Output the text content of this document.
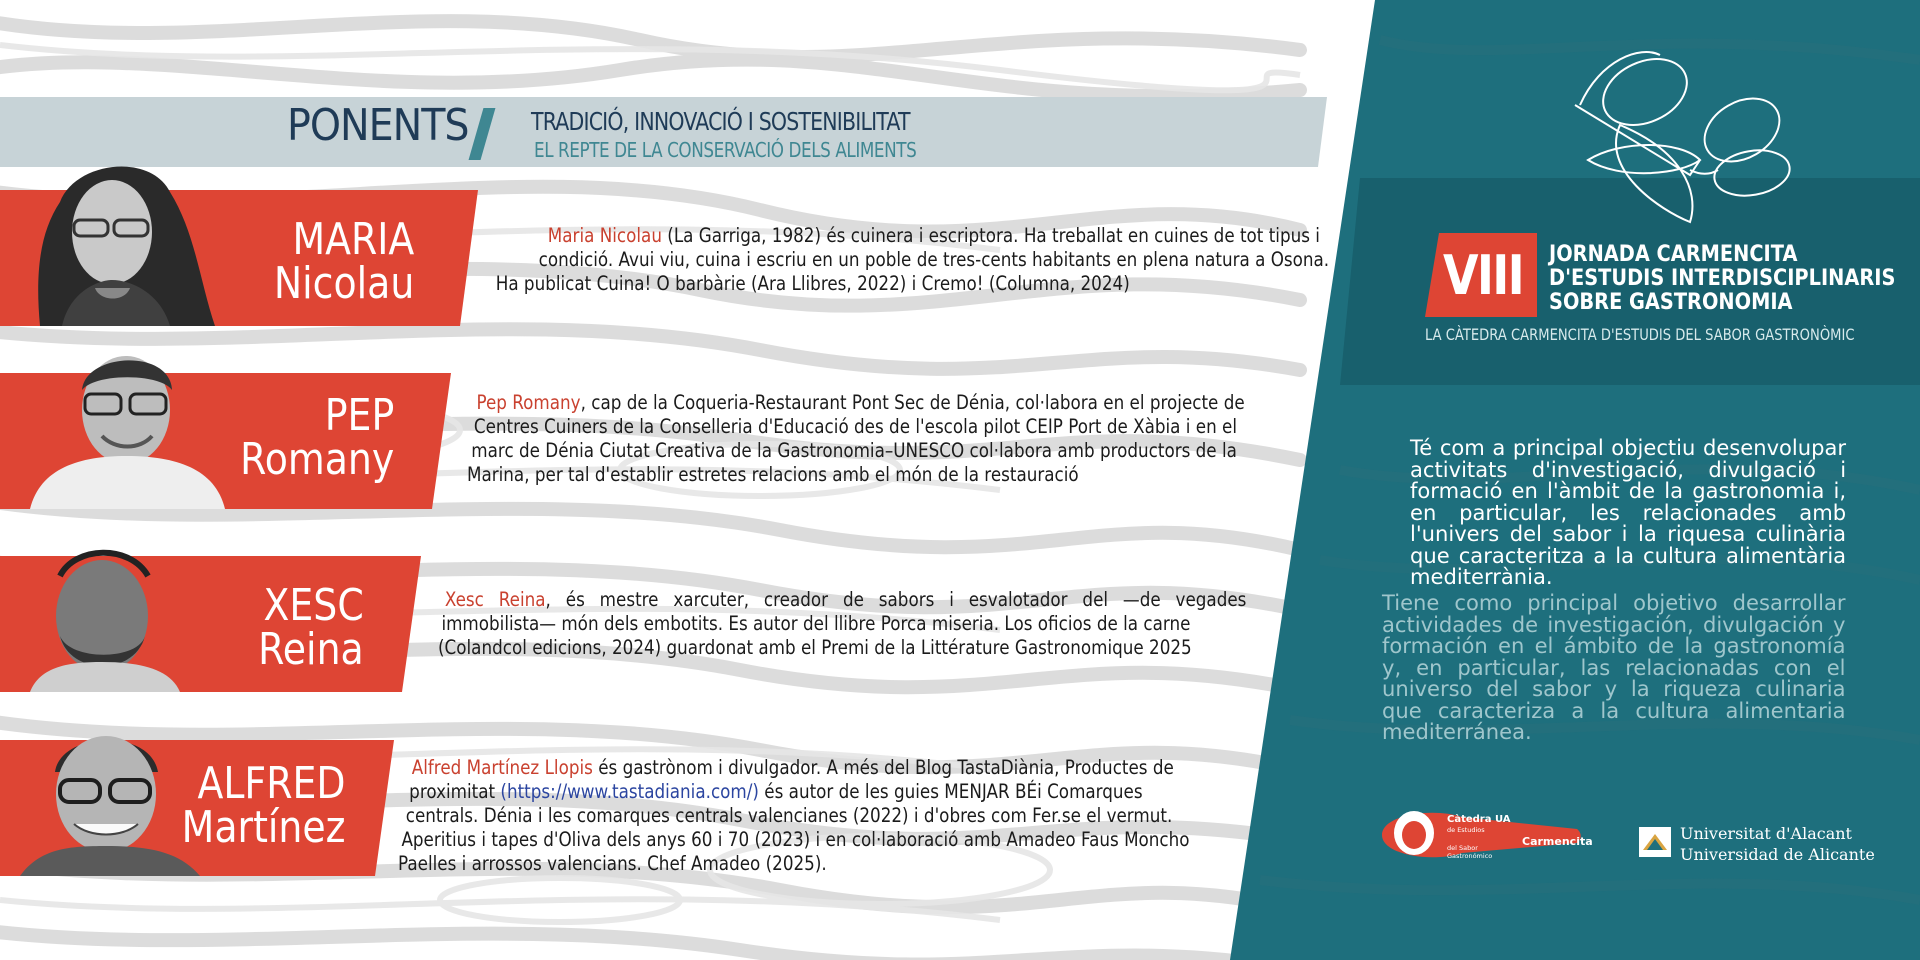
PONENTS TRADICIÓ, INNOVACIÓ I SOSTENIBILITAT
EL REPTE DE LA CONSERVACIÓ DELS ALIMENTS
MARIA
Nicolau
Maria Nicolau (La Garriga, 1982) és cuinera i escriptora. Ha treballat en cuines de tot tipus i
condició. Avui viu, cuina i escriu en un poble de tres-cents habitants en plena natura a Osona.
Ha publicat Cuina! O barbàrie (Ara Llibres, 2022) i Cremo! (Columna, 2024)
PEP
Romany
Pep Romany, cap de la Coqueria-Restaurant Pont Sec de Dénia, col·labora en el projecte de
Centres Cuiners de la Conselleria d'Educació des de l'escola pilot CEIP Port de Xàbia i en el
marc de Dénia Ciutat Creativa de la Gastronomia–UNESCO col·labora amb productors de la
Marina, per tal d'establir estretes relacions amb el món de la restauració
XESC
Reina
Xesc Reina, és mestre xarcuter, creador de sabors i esvalotador del —de vegades
immobilista— món dels embotits. Es autor del llibre Porca miseria. Los oficios de la carne
(Colandcol edicions, 2024) guardonat amb el Premi de la Littérature Gastronomique 2025
ALFRED
Martínez
Alfred Martínez Llopis és gastrònom i divulgador. A més del Blog TastaDiània, Productes de
proximitat (https://www.tastadiania.com/) és autor de les guies MENJAR BÉi Comarques
centrals. Dénia i les comarques centrals valencianes (2022) i d'obres com Fer.se el vermut.
Aperitius i tapes d'Oliva dels anys 60 i 70 (2023) i en col·laboració amb Amadeo Faus Moncho
Paelles i arrossos valencians. Chef Amadeo (2025).
VIII JORNADA CARMENCITA
D'ESTUDIS INTERDISCIPLINARIS
SOBRE GASTRONOMIA
LA CÀTEDRA CARMENCITA D'ESTUDIS DEL SABOR GASTRONÒMIC
Té com a principal objectiu desenvolupar activitats d'investigació, divulgació i formació en l'àmbit de la gastronomia i, en particular, les relacionades amb l'univers del sabor i la riquesa culinària que caracteritza a la cultura alimentària mediterrània.
Tiene como principal objetivo desarrollar actividades de investigación, divulgación y formación en el ámbito de la gastronomía y, en particular, las relacionadas con el universo del sabor y la riqueza culinaria que caracteriza a la cultura alimentaria mediterránea.
Càtedra UA
de Estudios
del Sabor
Gastronómico
Carmencita	Universitat d'Alacant
Universidad de Alicante
